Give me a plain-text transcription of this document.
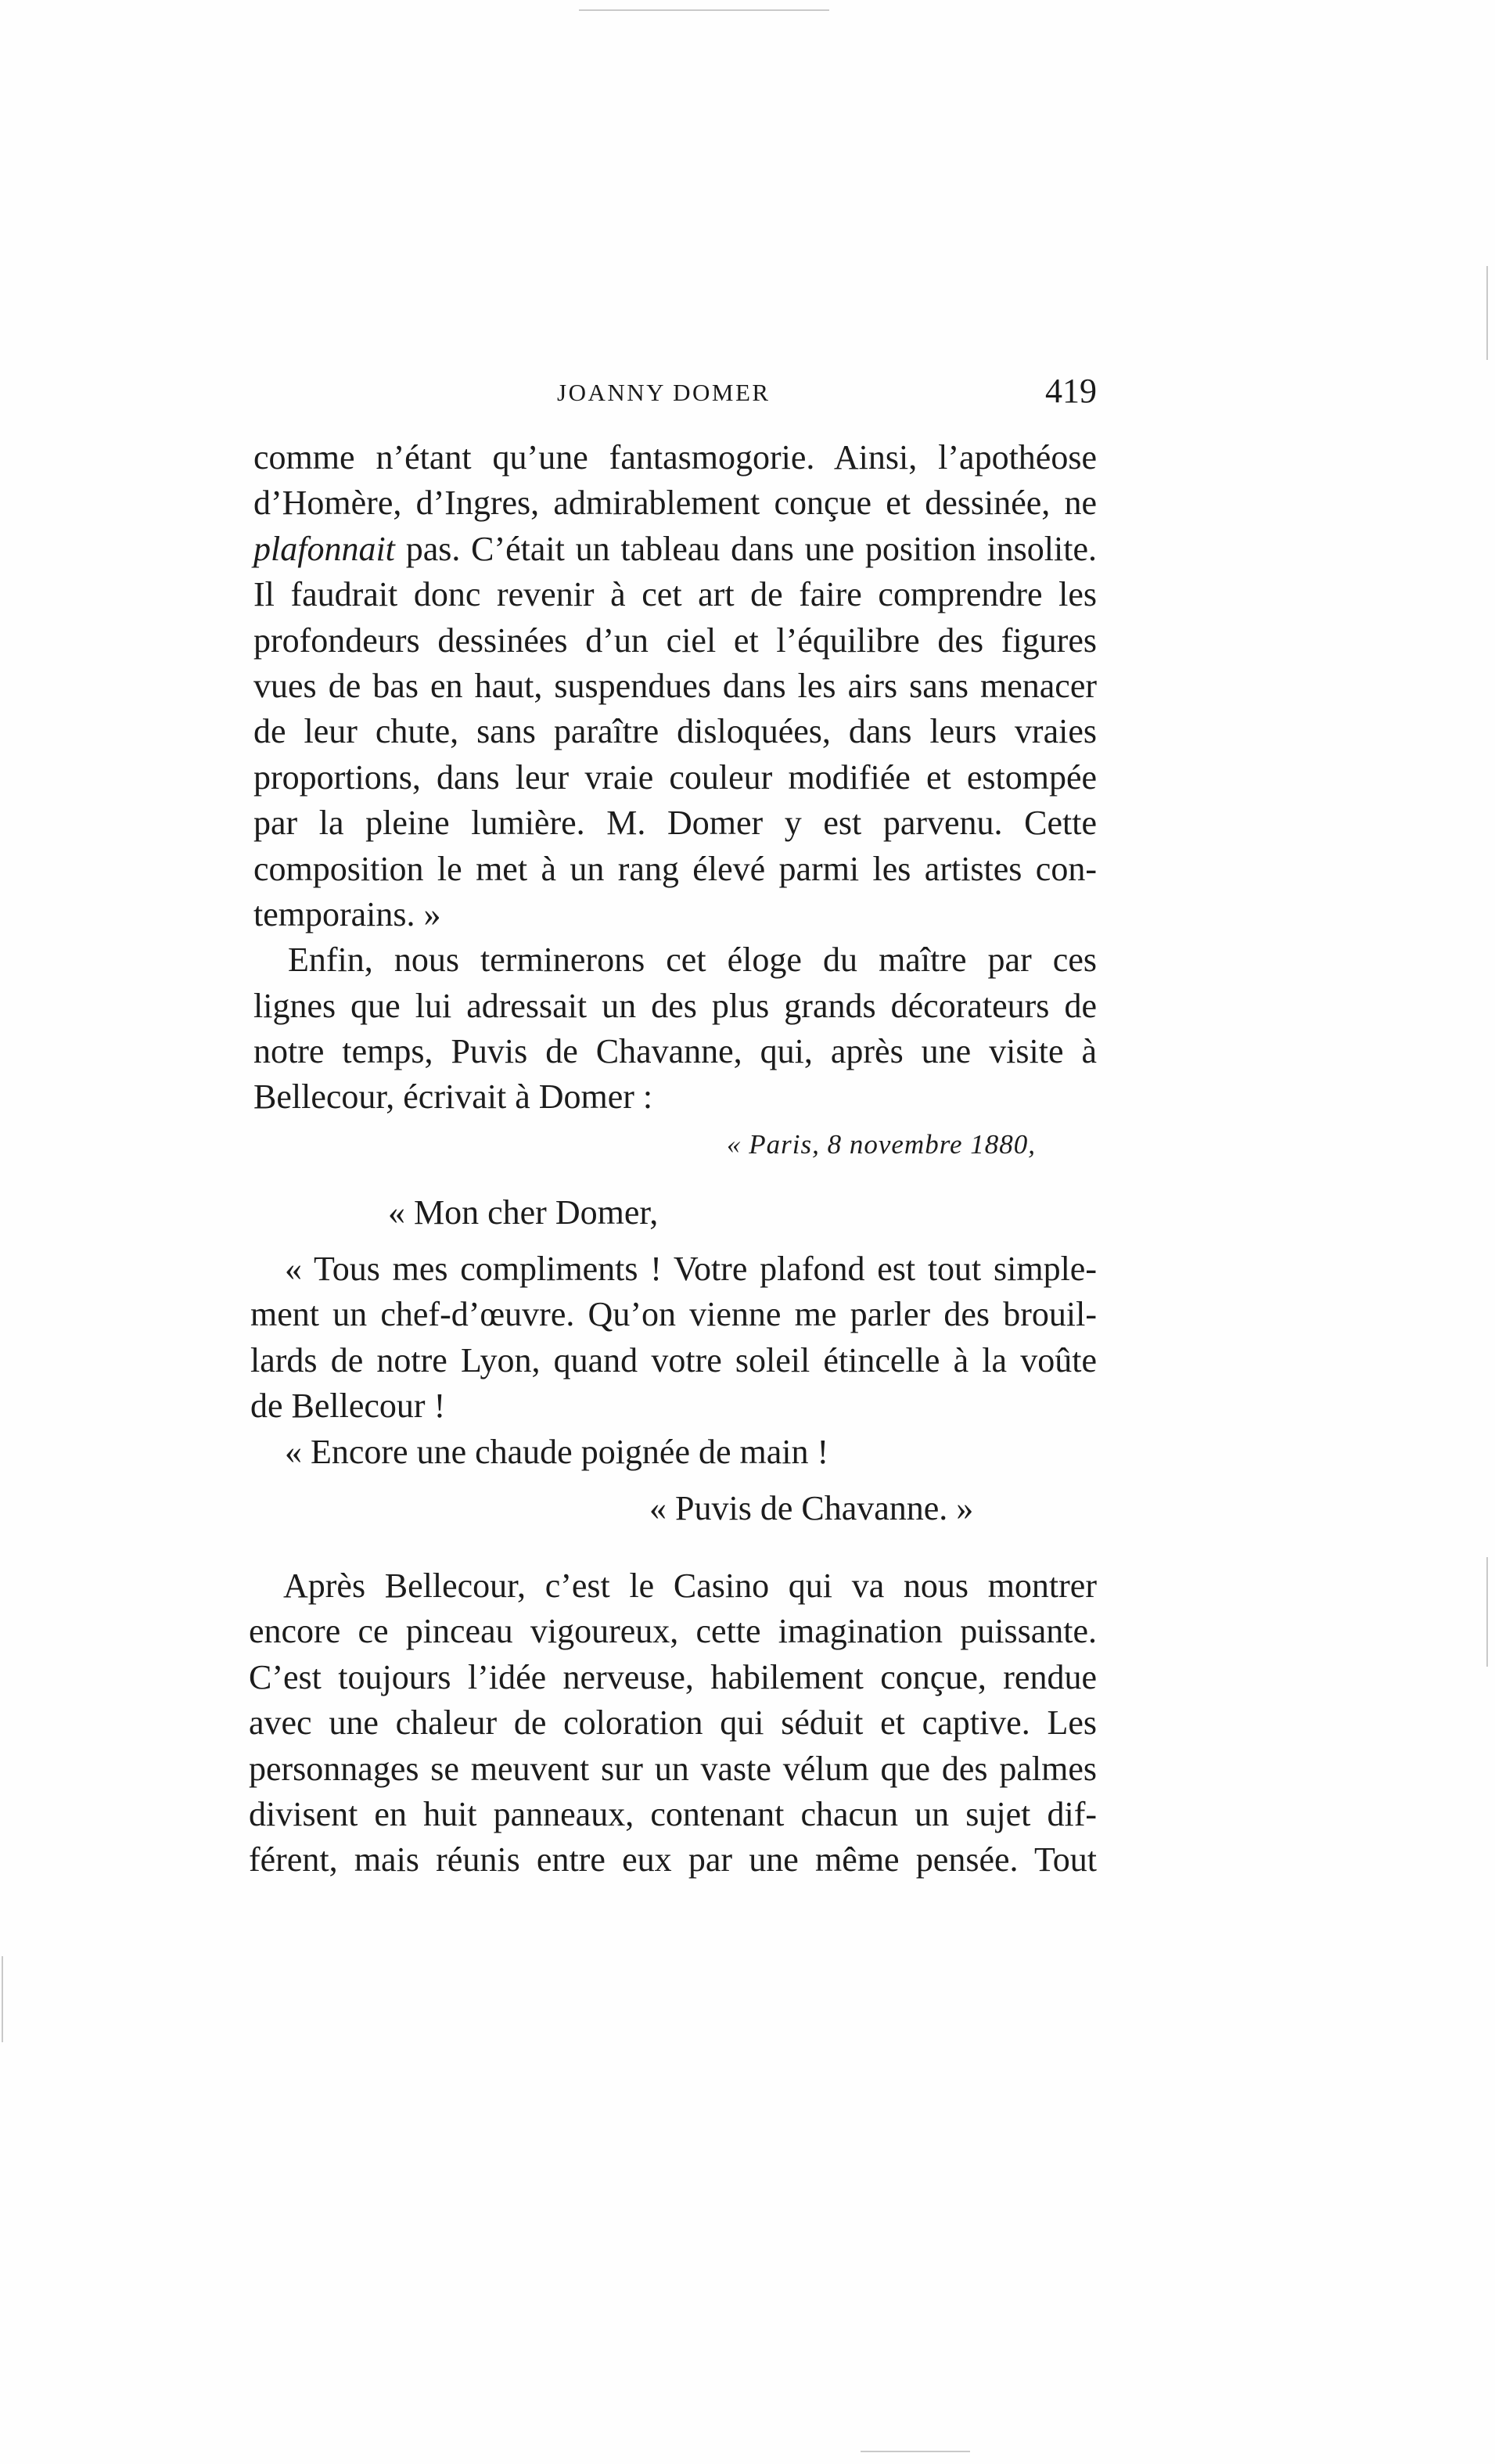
JOANNY DOMER	419
comme n’étant qu’une fantasmogorie. Ainsi, l’apothéose
d’Homère, d’Ingres, admirablement conçue et dessinée, ne
plafonnait pas. C’était un tableau dans une position insolite.
Il faudrait donc revenir à cet art de faire comprendre les
profondeurs dessinées d’un ciel et l’équilibre des figures
vues de bas en haut, suspendues dans les airs sans menacer
de leur chute, sans paraître disloquées, dans leurs vraies
proportions, dans leur vraie couleur modifiée et estompée
par la pleine lumière. M. Domer y est parvenu. Cette
composition le met à un rang élevé parmi les artistes con-
temporains. »
Enfin, nous terminerons cet éloge du maître par ces
lignes que lui adressait un des plus grands décorateurs de
notre temps, Puvis de Chavanne, qui, après une visite à
Bellecour, écrivait à Domer :
« Paris, 8 novembre 1880,
« Mon cher Domer,
« Tous mes compliments ! Votre plafond est tout simple-
ment un chef-d’œuvre. Qu’on vienne me parler des brouil-
lards de notre Lyon, quand votre soleil étincelle à la voûte
de Bellecour !
« Encore une chaude poignée de main !
« Puvis de Chavanne. »
Après Bellecour, c’est le Casino qui va nous montrer
encore ce pinceau vigoureux, cette imagination puissante.
C’est toujours l’idée nerveuse, habilement conçue, rendue
avec une chaleur de coloration qui séduit et captive. Les
personnages se meuvent sur un vaste vélum que des palmes
divisent en huit panneaux, contenant chacun un sujet dif-
férent, mais réunis entre eux par une même pensée. Tout
